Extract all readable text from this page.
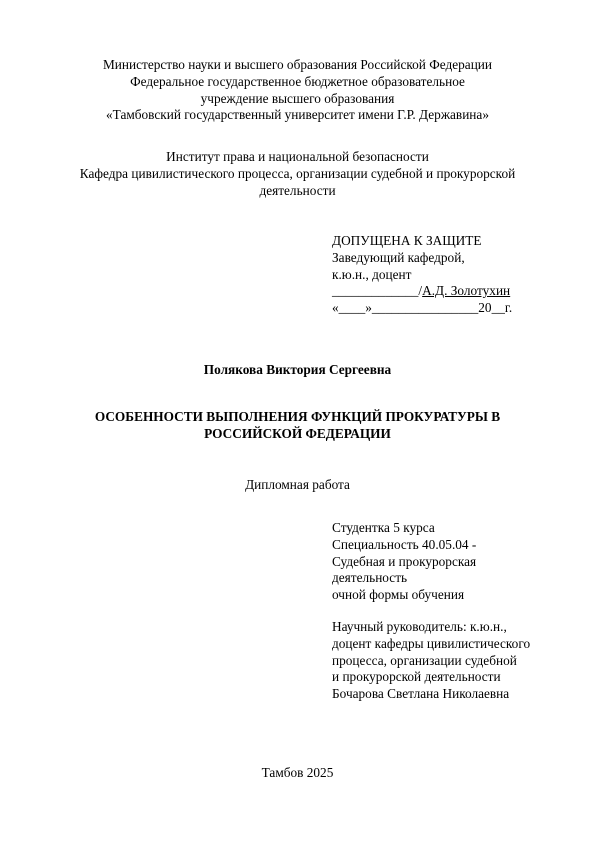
Министерство науки и высшего образования Российской Федерации
Федеральное государственное бюджетное образовательное
учреждение высшего образования
«Тамбовский государственный университет имени Г.Р. Державина»
Институт права и национальной безопасности
Кафедра цивилистического процесса, организации судебной и прокурорской
деятельности
ДОПУЩЕНА К ЗАЩИТЕ
Заведующий кафедрой,
к.ю.н., доцент
_____________/А.Д. Золотухин
«____»________________20__г.
Полякова Виктория Сергеевна
ОСОБЕННОСТИ ВЫПОЛНЕНИЯ ФУНКЦИЙ ПРОКУРАТУРЫ В
РОССИЙСКОЙ ФЕДЕРАЦИИ
Дипломная работа
Студентка 5 курса
Специальность 40.05.04 -
Судебная и прокурорская
деятельность
очной формы обучения
Научный руководитель: к.ю.н.,
доцент кафедры цивилистического
процесса, организации судебной
и прокурорской деятельности
Бочарова Светлана Николаевна
Тамбов 2025
